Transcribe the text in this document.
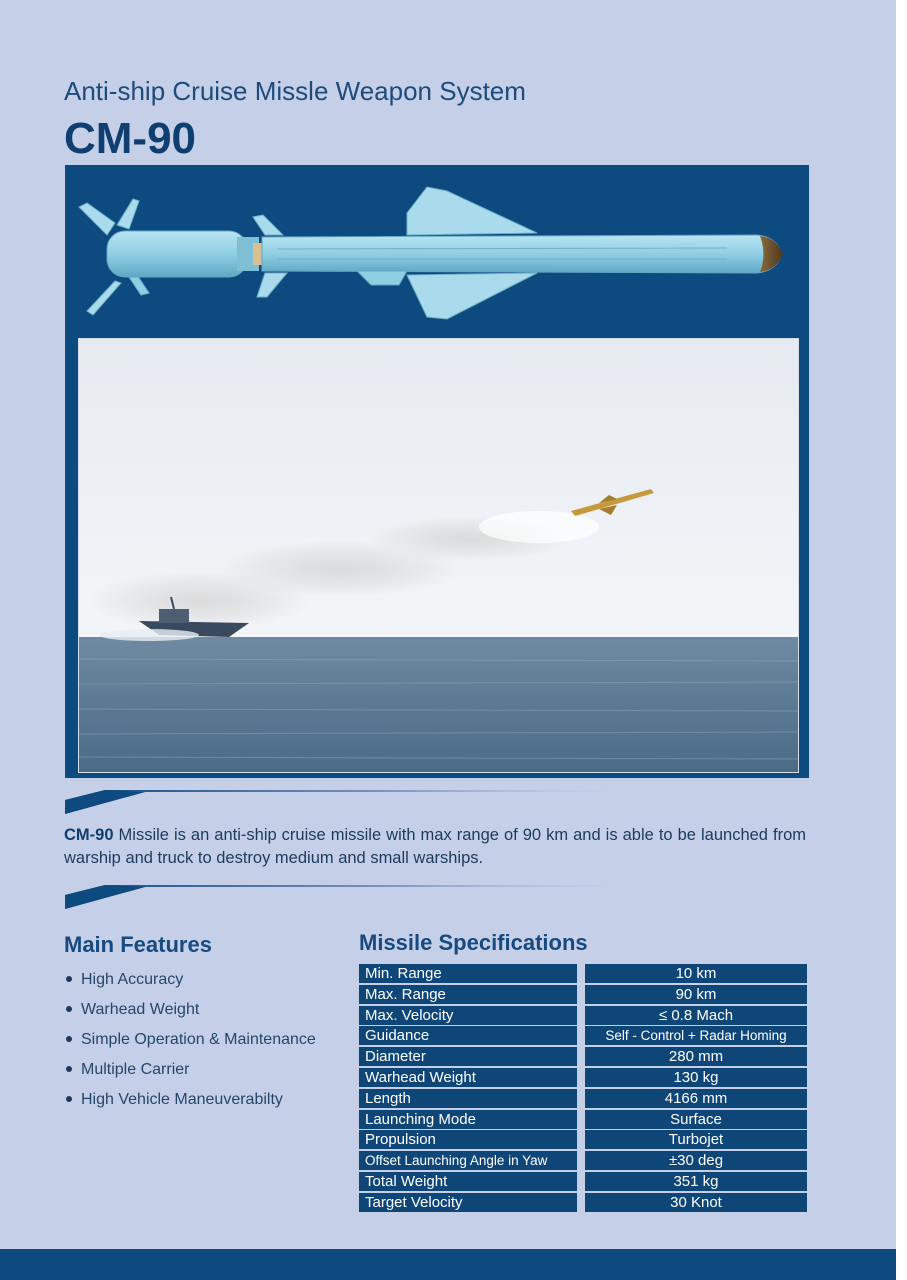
Anti-ship Cruise Missle Weapon System
CM-90
CM-90 Missile is an anti-ship cruise missile with max range of 90 km and is able to be launched from warship and truck to destroy medium and small warships.
Main Features
High Accuracy
Warhead Weight
Simple Operation & Maintenance
Multiple Carrier
High Vehicle Maneuverabilty
Missile Specifications
Min. Range	10 km
Max. Range	90 km
Max. Velocity	≤ 0.8 Mach
Guidance	Self - Control + Radar Homing
Diameter	280 mm
Warhead Weight	130 kg
Length	4166 mm
Launching Mode	Surface
Propulsion	Turbojet
Offset Launching Angle in Yaw	±30 deg
Total Weight	351 kg
Target Velocity	30 Knot
